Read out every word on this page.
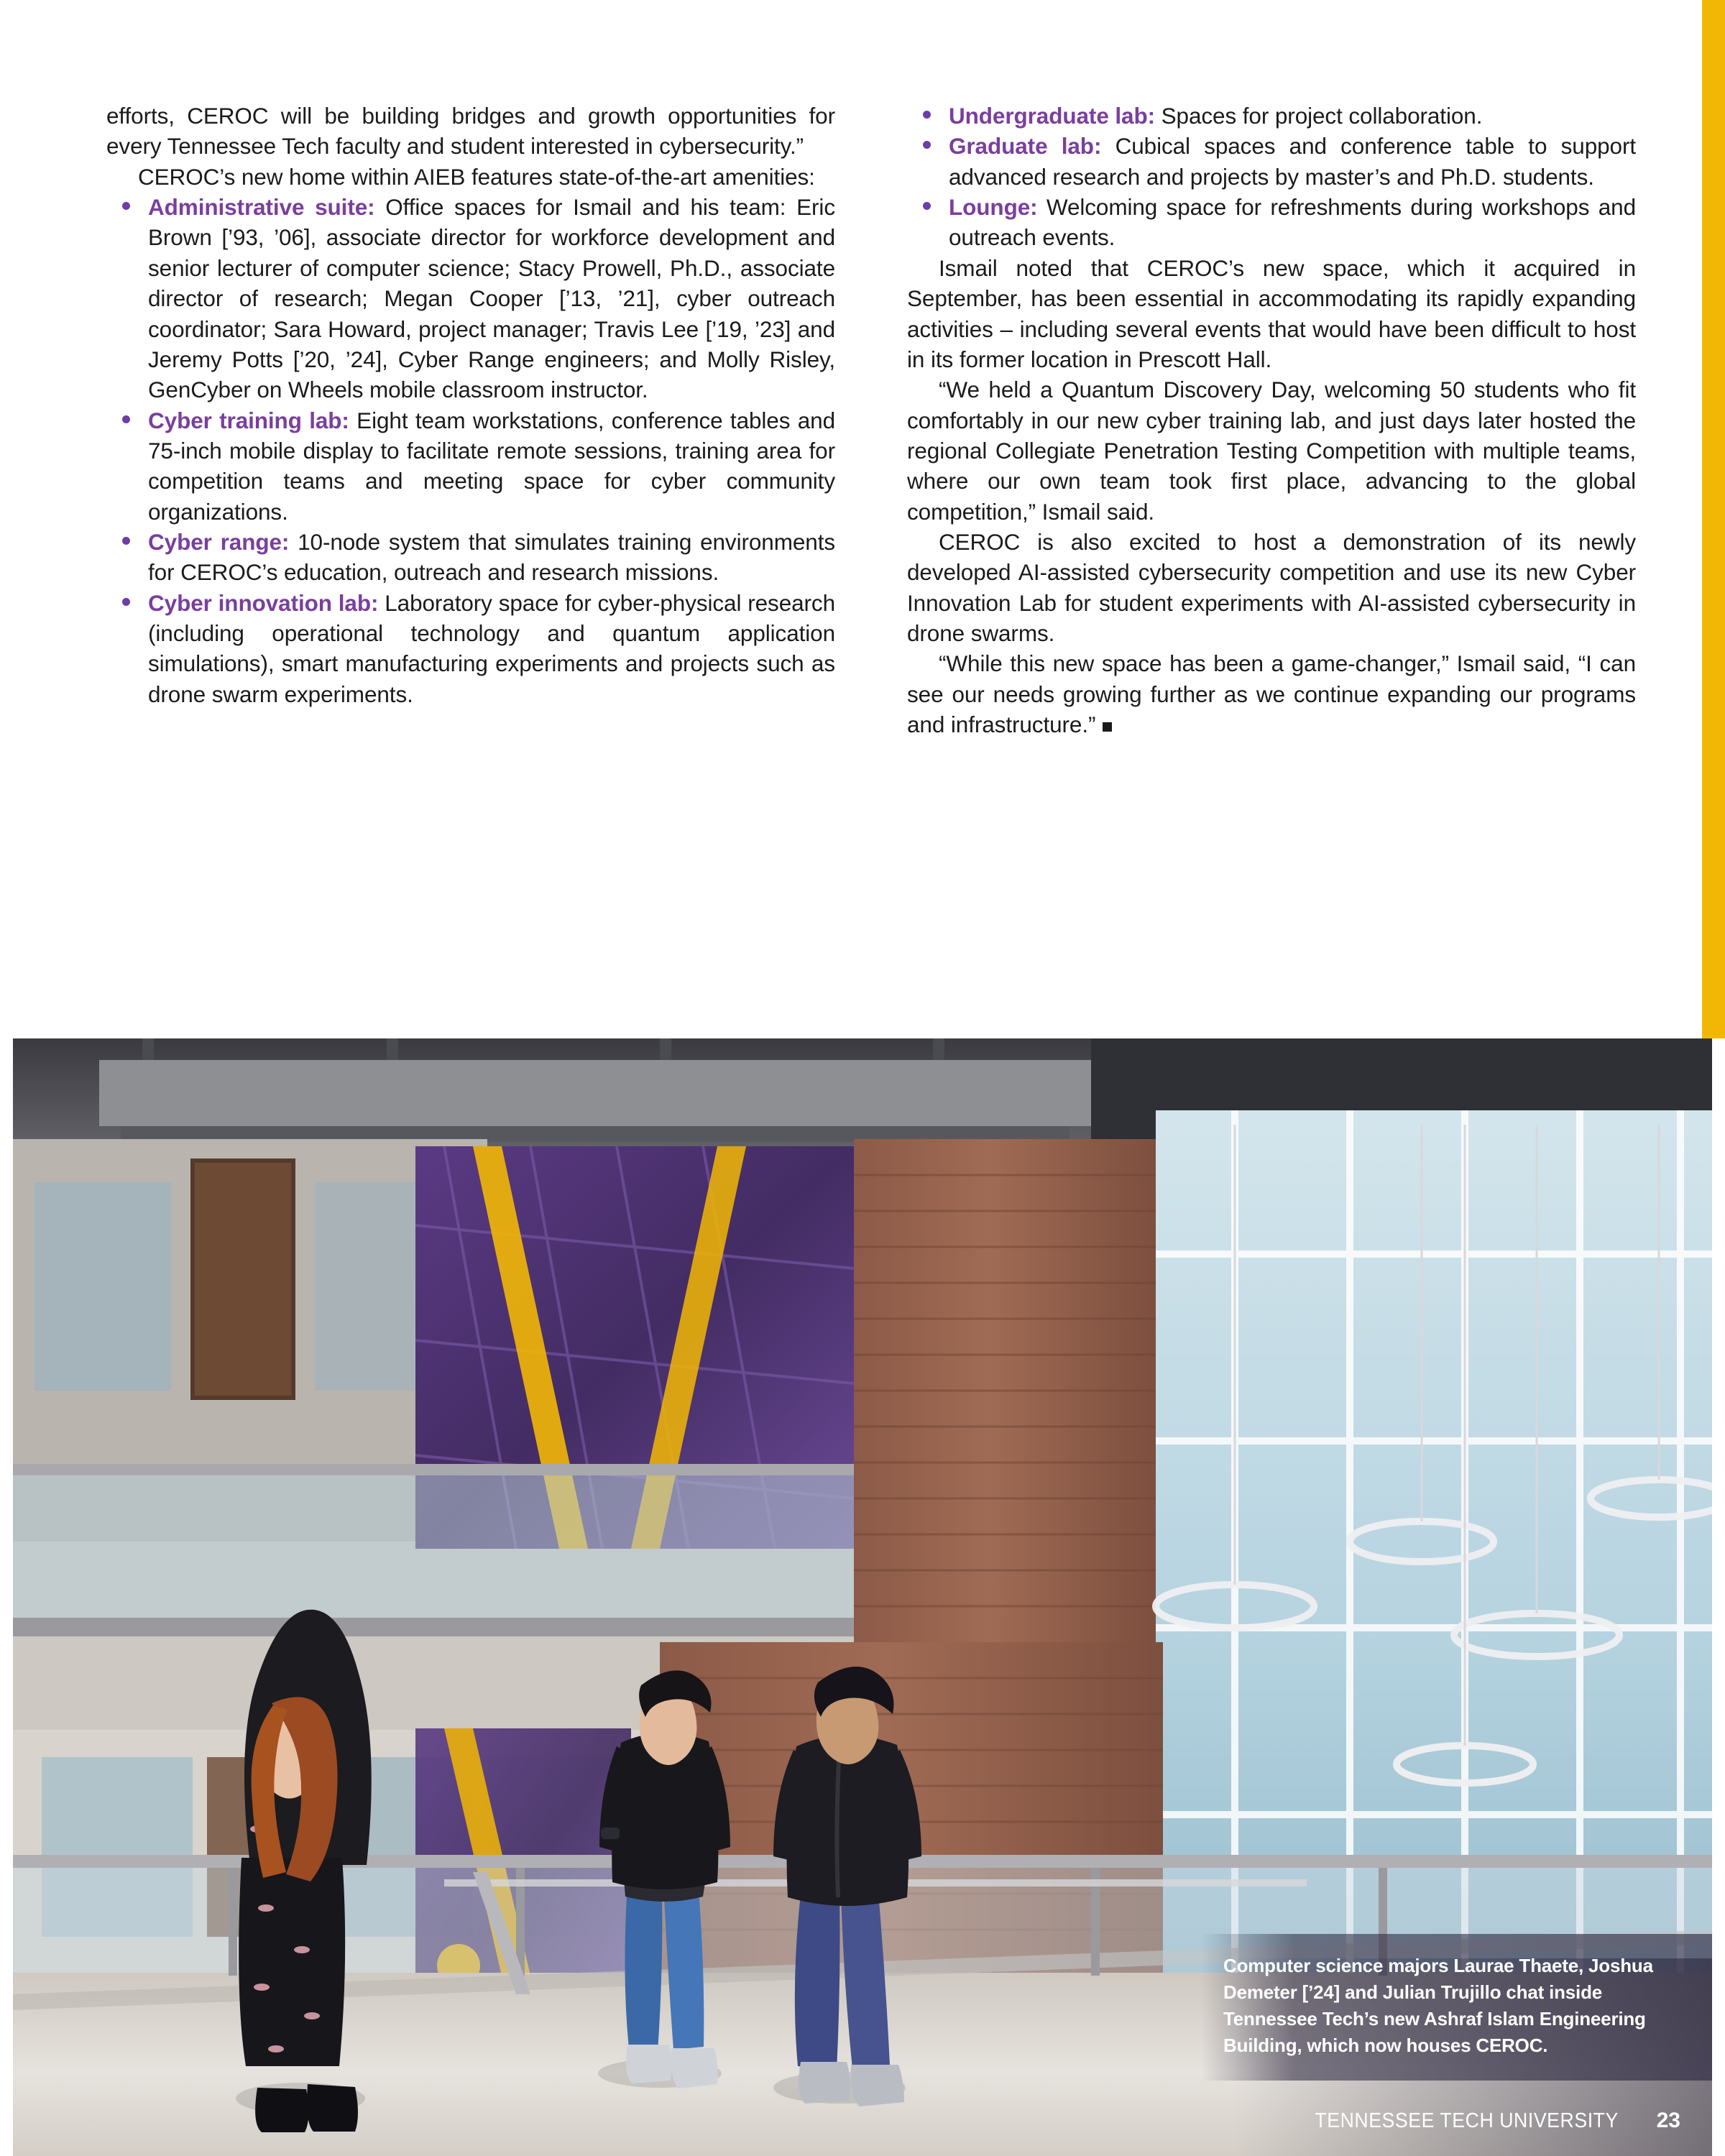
efforts, CEROC will be building bridges and growth opportunities for every Tennessee Tech faculty and student interested in cybersecurity.”

CEROC’s new home within AIEB features state-of-the-art amenities:

Administrative suite: Office spaces for Ismail and his team: Eric Brown [’93, ’06], associate director for workforce development and senior lecturer of computer science; Stacy Prowell, Ph.D., associate director of research; Megan Cooper [’13, ’21], cyber outreach coordinator; Sara Howard, project manager; Travis Lee [’19, ’23] and Jeremy Potts [’20, ’24], Cyber Range engineers; and Molly Risley, GenCyber on Wheels mobile classroom instructor.
Cyber training lab: Eight team workstations, conference tables and 75-inch mobile display to facilitate remote sessions, training area for competition teams and meeting space for cyber community organizations.
Cyber range: 10-node system that simulates training environments for CEROC’s education, outreach and research missions.
Cyber innovation lab: Laboratory space for cyber-physical research (including operational technology and quantum application simulations), smart manufacturing experiments and projects such as drone swarm experiments.
Undergraduate lab: Spaces for project collaboration.
Graduate lab: Cubical spaces and conference table to support advanced research and projects by master’s and Ph.D. students.
Lounge: Welcoming space for refreshments during workshops and outreach events.

Ismail noted that CEROC’s new space, which it acquired in September, has been essential in accommodating its rapidly expanding activities – including several events that would have been difficult to host in its former location in Prescott Hall.

“We held a Quantum Discovery Day, welcoming 50 students who fit comfortably in our new cyber training lab, and just days later hosted the regional Collegiate Penetration Testing Competition with multiple teams, where our own team took first place, advancing to the global competition,” Ismail said.

CEROC is also excited to host a demonstration of its newly developed AI-assisted cybersecurity competition and use its new Cyber Innovation Lab for student experiments with AI-assisted cybersecurity in drone swarms.

“While this new space has been a game-changer,” Ismail said, “I can see our needs growing further as we continue expanding our programs and infrastructure.”

Computer science majors Laurae Thaete, Joshua Demeter [’24] and Julian Trujillo chat inside Tennessee Tech’s new Ashraf Islam Engineering Building, which now houses CEROC.
TENNESSEE TECH UNIVERSITY 23
